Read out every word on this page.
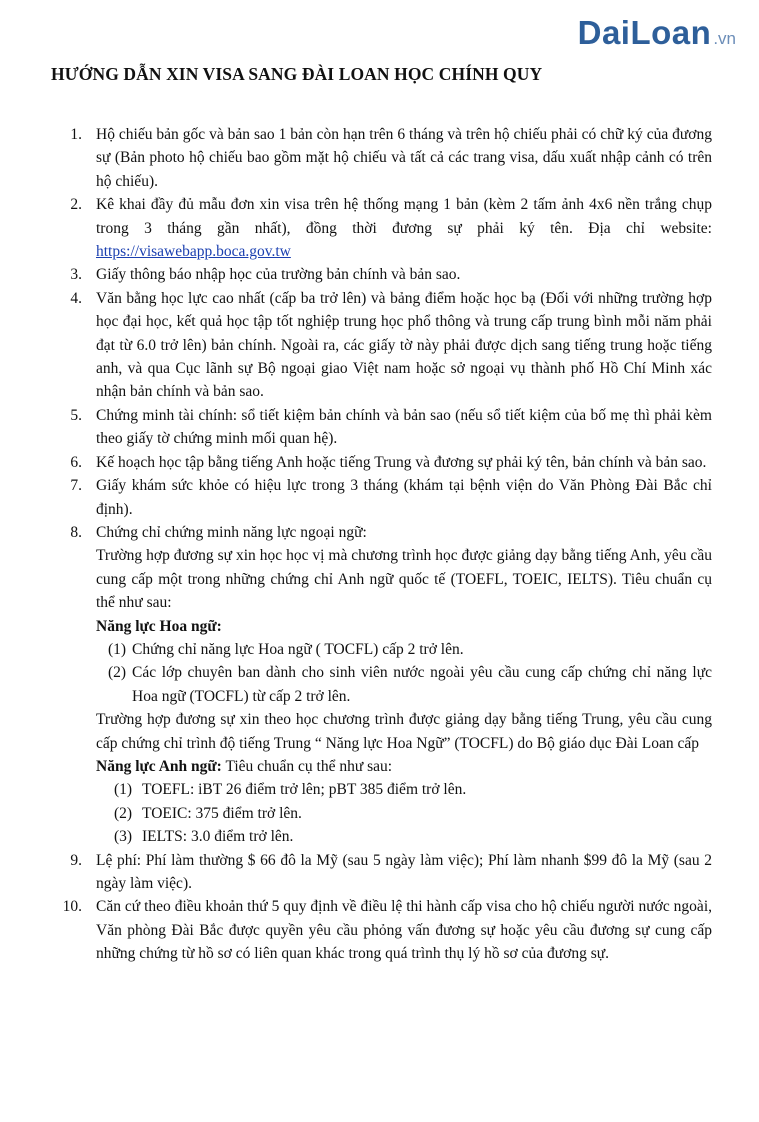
DaiLoan .vn
HƯỚNG DẪN XIN VISA SANG ĐÀI LOAN HỌC CHÍNH QUY
1. Hộ chiếu bản gốc và bản sao 1 bản còn hạn trên 6 tháng và trên hộ chiếu phải có chữ ký của đương sự (Bản photo hộ chiếu bao gồm mặt hộ chiếu và tất cả các trang visa, dấu xuất nhập cảnh có trên hộ chiếu).
2. Kê khai đầy đủ mẫu đơn xin visa trên hệ thống mạng 1 bản (kèm 2 tấm ảnh 4x6 nền trắng chụp trong 3 tháng gần nhất), đồng thời đương sự phải ký tên. Địa chỉ website: https://visawebapp.boca.gov.tw
3. Giấy thông báo nhập học của trường bản chính và bản sao.
4. Văn bằng học lực cao nhất (cấp ba trở lên) và bảng điểm hoặc học bạ (Đối với những trường hợp học đại học, kết quả học tập tốt nghiệp trung học phổ thông và trung cấp trung bình mỗi năm phải đạt từ 6.0 trở lên) bản chính. Ngoài ra, các giấy tờ này phải được dịch sang tiếng trung hoặc tiếng anh, và qua Cục lãnh sự Bộ ngoại giao Việt nam hoặc sở ngoại vụ thành phố Hồ Chí Minh xác nhận bản chính và bản sao.
5. Chứng minh tài chính: sổ tiết kiệm bản chính và bản sao (nếu sổ tiết kiệm của bố mẹ thì phải kèm theo giấy tờ chứng minh mối quan hệ).
6. Kế hoạch học tập bằng tiếng Anh hoặc tiếng Trung và đương sự phải ký tên, bản chính và bản sao.
7. Giấy khám sức khỏe có hiệu lực trong 3 tháng (khám tại bệnh viện do Văn Phòng Đài Bắc chỉ định).
8. Chứng chỉ chứng minh năng lực ngoại ngữ:
Trường hợp đương sự xin học học vị mà chương trình học được giảng dạy bằng tiếng Anh, yêu cầu cung cấp một trong những chứng chỉ Anh ngữ quốc tế (TOEFL, TOEIC, IELTS). Tiêu chuẩn cụ thể như sau:
Năng lực Hoa ngữ:
(1) Chứng chỉ năng lực Hoa ngữ ( TOCFL) cấp 2 trở lên.
(2) Các lớp chuyên ban dành cho sinh viên nước ngoài yêu cầu cung cấp chứng chỉ năng lực Hoa ngữ (TOCFL) từ cấp 2 trở lên.
Trường hợp đương sự xin theo học chương trình được giảng dạy bằng tiếng Trung, yêu cầu cung cấp chứng chỉ trình độ tiếng Trung “ Năng lực Hoa Ngữ” (TOCFL) do Bộ giáo dục Đài Loan cấp
Năng lực Anh ngữ: Tiêu chuẩn cụ thể như sau:
(1) TOEFL: iBT 26 điểm trở lên; pBT 385 điểm trở lên.
(2) TOEIC: 375 điểm trở lên.
(3) IELTS: 3.0 điểm trở lên.
9. Lệ phí: Phí làm thường $ 66 đô la Mỹ (sau 5 ngày làm việc); Phí làm nhanh $99 đô la Mỹ (sau 2 ngày làm việc).
10. Căn cứ theo điều khoản thứ 5 quy định về điều lệ thi hành cấp visa cho hộ chiếu người nước ngoài, Văn phòng Đài Bắc được quyền yêu cầu phỏng vấn đương sự hoặc yêu cầu đương sự cung cấp những chứng từ hồ sơ có liên quan khác trong quá trình thụ lý hồ sơ của đương sự.
